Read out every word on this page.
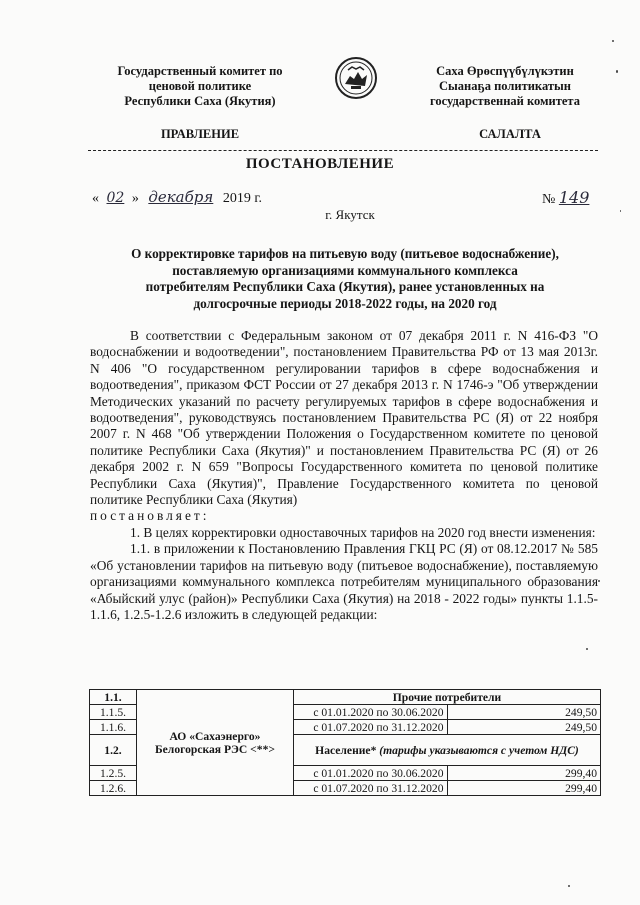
Государственный комитет по
ценовой политике
Республики Саха (Якутия)
Саха Өрөспүүбүлүкэтин
Сыанаҕа политикатын
государственнай комитета
ПРАВЛЕНИЕ	САЛАЛТА
ПОСТАНОВЛЕНИЕ
« 02 » декабря 2019 г.	№ 149
г. Якутск
О корректировке тарифов на питьевую воду (питьевое водоснабжение),
поставляемую организациями коммунального комплекса
потребителям Республики Саха (Якутия), ранее установленных на
долгосрочные периоды 2018-2022 годы, на 2020 год

В соответствии с Федеральным законом от 07 декабря 2011 г. N 416-ФЗ "О водоснабжении и водоотведении", постановлением Правительства РФ от 13 мая 2013г. N 406 "О государственном регулировании тарифов в сфере водоснабжения и водоотведения", приказом ФСТ России от 27 декабря 2013 г. N 1746-э "Об утверждении Методических указаний по расчету регулируемых тарифов в сфере водоснабжения и водоотведения", руководствуясь постановлением Правительства РС (Я) от 22 ноября 2007 г. N 468 "Об утверждении Положения о Государственном комитете по ценовой политике Республики Саха (Якутия)" и постановлением Правительства РС (Я) от 26 декабря 2002 г. N 659 "Вопросы Государственного комитета по ценовой политике Республики Саха (Якутия)", Правление Государственного комитета по ценовой политике Республики Саха (Якутия)

постановляет:

1. В целях корректировки одноставочных тарифов на 2020 год внести изменения:

1.1. в приложении к Постановлению Правления ГКЦ РС (Я) от 08.12.2017 № 585 «Об установлении тарифов на питьевую воду (питьевое водоснабжение), поставляемую организациями коммунального комплекса потребителям муниципального образования «Абыйский улус (район)» Республики Саха (Якутия) на 2018 - 2022 годы» пункты 1.1.5-1.1.6, 1.2.5-1.2.6 изложить в следующей редакции:

1.1.	АО «Сахаэнерго» Белогорская РЭС <**>	Прочие потребители	
1.1.5.		с 01.01.2020 по 30.06.2020	249,50
1.1.6.		с 01.07.2020 по 31.12.2020	249,50
1.2.		Население* (тарифы указываются с учетом НДС)	
1.2.5.		с 01.01.2020 по 30.06.2020	299,40
1.2.6.		с 01.07.2020 по 31.12.2020	299,40
